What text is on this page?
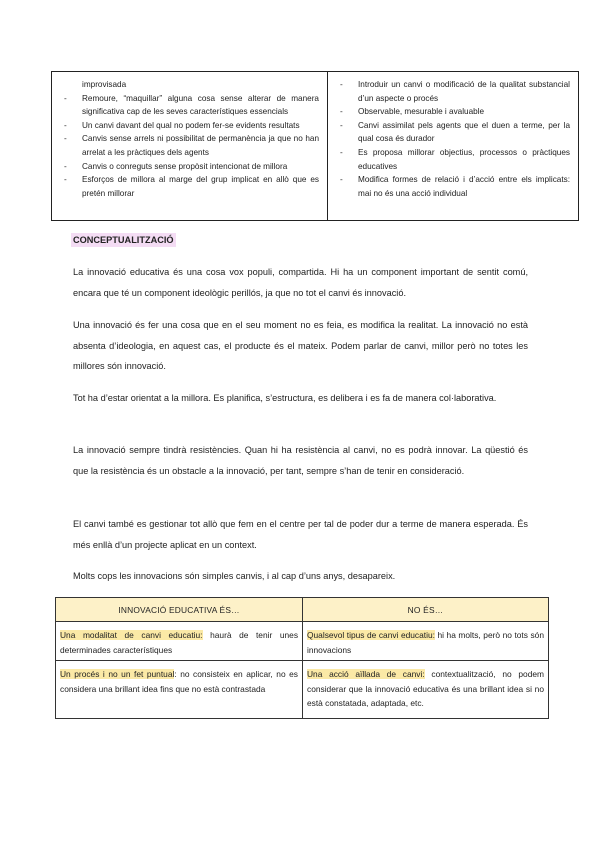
improvisada
- Remoure, “maquillar” alguna cosa sense alterar de manera significativa cap de les seves característiques essencials
- Un canvi davant del qual no podem fer-se evidents resultats
- Canvis sense arrels ni possibilitat de permanència ja que no han arrelat a les pràctiques dels agents
- Canvis o conreguts sense propòsit intencionat de millora
- Esforços de millora al marge del grup implicat en allò que es pretén millorar
- Introduir un canvi o modificació de la qualitat substancial d’un aspecte o procés
- Observable, mesurable i avaluable
- Canvi assimilat pels agents que el duen a terme, per la qual cosa és durador
- Es proposa millorar objectius, processos o pràctiques educatives
- Modifica formes de relació i d’acció entre els implicats: mai no és una acció individual
CONCEPTUALITZACIÓ

La innovació educativa és una cosa vox populi, compartida. Hi ha un component important de sentit comú, encara que té un component ideològic perillós, ja que no tot el canvi és innovació.

Una innovació és fer una cosa que en el seu moment no es feia, es modifica la realitat. La innovació no està absenta d’ideologia, en aquest cas, el producte és el mateix. Podem parlar de canvi, millor però no totes les millores són innovació.

Tot ha d’estar orientat a la millora. Es planifica, s’estructura, es delibera i es fa de manera col·laborativa.

La innovació sempre tindrà resistències. Quan hi ha resistència al canvi, no es podrà innovar. La qüestió és que la resistència és un obstacle a la innovació, per tant, sempre s’han de tenir en consideració.

El canvi també es gestionar tot allò que fem en el centre per tal de poder dur a terme de manera esperada. És més enllà d’un projecte aplicat en un context.

Molts cops les innovacions són simples canvis, i al cap d’uns anys, desapareix.

INNOVACIÓ EDUCATIVA ÉS…	NO ÉS…
Una modalitat de canvi educatiu: haurà de tenir unes determinades característiques	Qualsevol tipus de canvi educatiu: hi ha molts, però no tots són innovacions
Un procés i no un fet puntual: no consisteix en aplicar, no es considera una brillant idea fins que no està contrastada	Una acció aïllada de canvi: contextualització, no podem considerar que la innovació educativa és una brillant idea si no està constatada, adaptada, etc.
